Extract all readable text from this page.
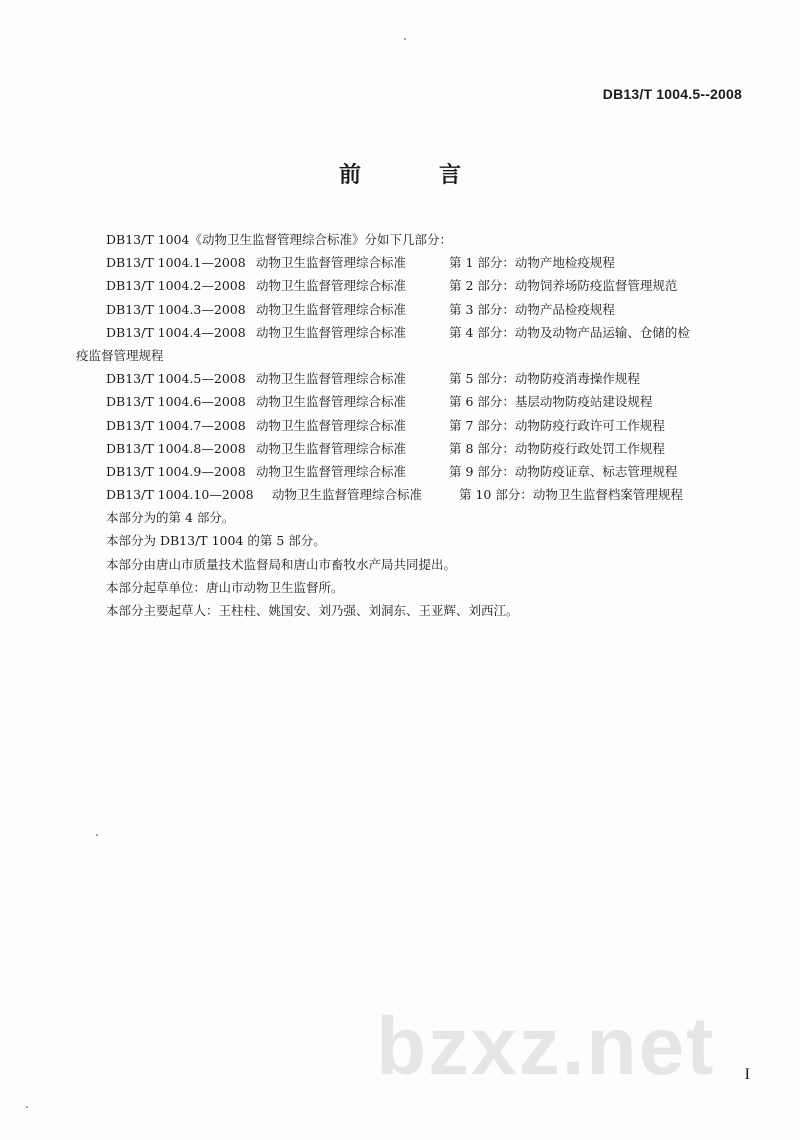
DB13/T 1004.5--2008
前　言
DB13/T 1004《动物卫生监督管理综合标准》分如下几部分：
DB13/T 1004.1—2008 动物卫生监督管理综合标准	第 1 部分：动物产地检疫规程
DB13/T 1004.2—2008 动物卫生监督管理综合标准	第 2 部分：动物饲养场防疫监督管理规范
DB13/T 1004.3—2008 动物卫生监督管理综合标准	第 3 部分：动物产品检疫规程
DB13/T 1004.4—2008 动物卫生监督管理综合标准	第 4 部分：动物及动物产品运输、仓储的检
疫监督管理规程
DB13/T 1004.5—2008 动物卫生监督管理综合标准	第 5 部分：动物防疫消毒操作规程
DB13/T 1004.6—2008 动物卫生监督管理综合标准	第 6 部分：基层动物防疫站建设规程
DB13/T 1004.7—2008 动物卫生监督管理综合标准	第 7 部分：动物防疫行政许可工作规程
DB13/T 1004.8—2008 动物卫生监督管理综合标准	第 8 部分：动物防疫行政处罚工作规程
DB13/T 1004.9—2008 动物卫生监督管理综合标准	第 9 部分：动物防疫证章、标志管理规程
DB13/T 1004.10—2008	动物卫生监督管理综合标准	第 10 部分：动物卫生监督档案管理规程
本部分为的第 4 部分。
本部分为 DB13/T 1004 的第 5 部分。
本部分由唐山市质量技术监督局和唐山市畜牧水产局共同提出。
本部分起草单位：唐山市动物卫生监督所。
本部分主要起草人：王柱柱、姚国安、刘乃强、刘洞东、王亚辉、刘西江。
bzxz.net I
